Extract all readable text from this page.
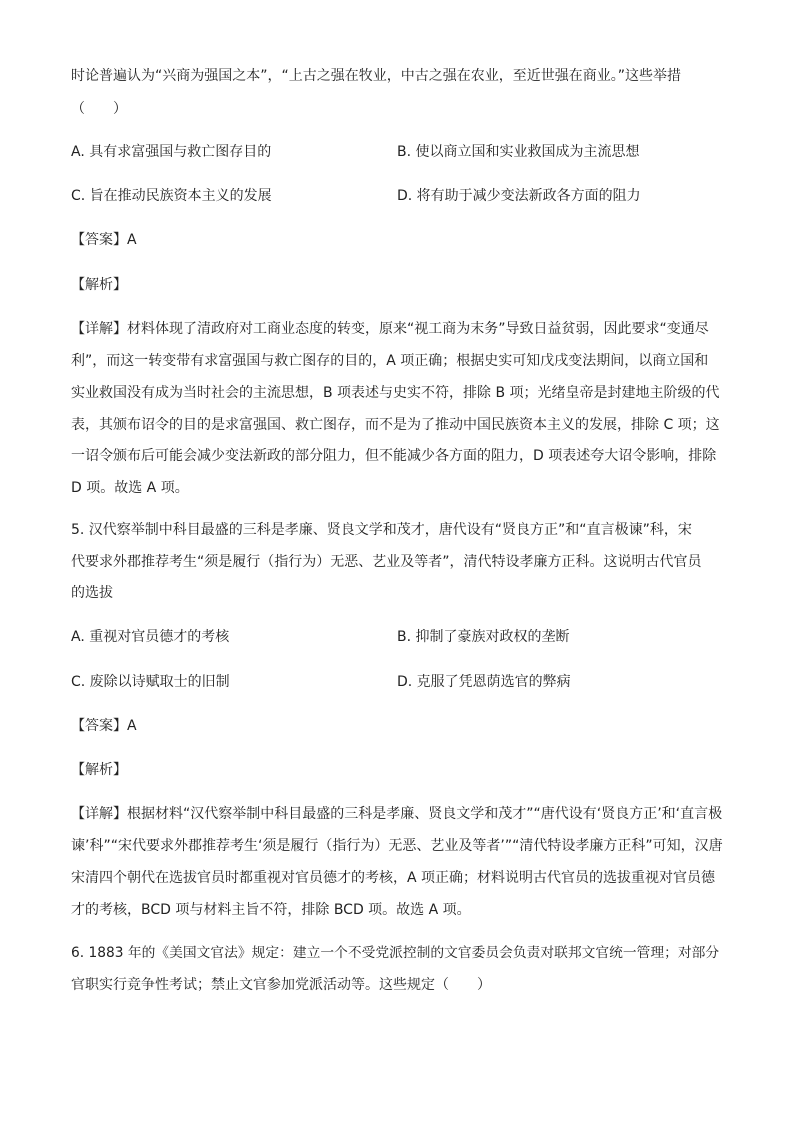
时论普遍认为“兴商为强国之本”，“上古之强在牧业，中古之强在农业，至近世强在商业。”这些举措
（　　）
A. 具有求富强国与救亡图存目的	B. 使以商立国和实业救国成为主流思想
C. 旨在推动民族资本主义的发展	D. 将有助于减少变法新政各方面的阻力
【答案】A
【解析】
【详解】材料体现了清政府对工商业态度的转变，原来“视工商为末务”导致日益贫弱，因此要求“变通尽
利”，而这一转变带有求富强国与救亡图存的目的，A 项正确；根据史实可知戊戌变法期间，以商立国和
实业救国没有成为当时社会的主流思想，B 项表述与史实不符，排除 B 项；光绪皇帝是封建地主阶级的代
表，其颁布诏令的目的是求富强国、救亡图存，而不是为了推动中国民族资本主义的发展，排除 C 项；这
一诏令颁布后可能会减少变法新政的部分阻力，但不能减少各方面的阻力，D 项表述夸大诏令影响，排除
D 项。故选 A 项。
5. 汉代察举制中科目最盛的三科是孝廉、贤良文学和茂才，唐代设有“贤良方正”和“直言极谏”科，宋
代要求外郡推荐考生“须是履行（指行为）无恶、艺业及等者”，清代特设孝廉方正科。这说明古代官员
的选拔
A. 重视对官员德才的考核	B. 抑制了豪族对政权的垄断
C. 废除以诗赋取士的旧制	D. 克服了凭恩荫选官的弊病
【答案】A
【解析】
【详解】根据材料“汉代察举制中科目最盛的三科是孝廉、贤良文学和茂才”“唐代设有‘贤良方正’和‘直言极
谏’科”“宋代要求外郡推荐考生‘须是履行（指行为）无恶、艺业及等者’”“清代特设孝廉方正科”可知，汉唐
宋清四个朝代在选拔官员时都重视对官员德才的考核，A 项正确；材料说明古代官员的选拔重视对官员德
才的考核，BCD 项与材料主旨不符，排除 BCD 项。故选 A 项。
6. 1883 年的《美国文官法》规定：建立一个不受党派控制的文官委员会负责对联邦文官统一管理；对部分
官职实行竞争性考试；禁止文官参加党派活动等。这些规定（　　）
